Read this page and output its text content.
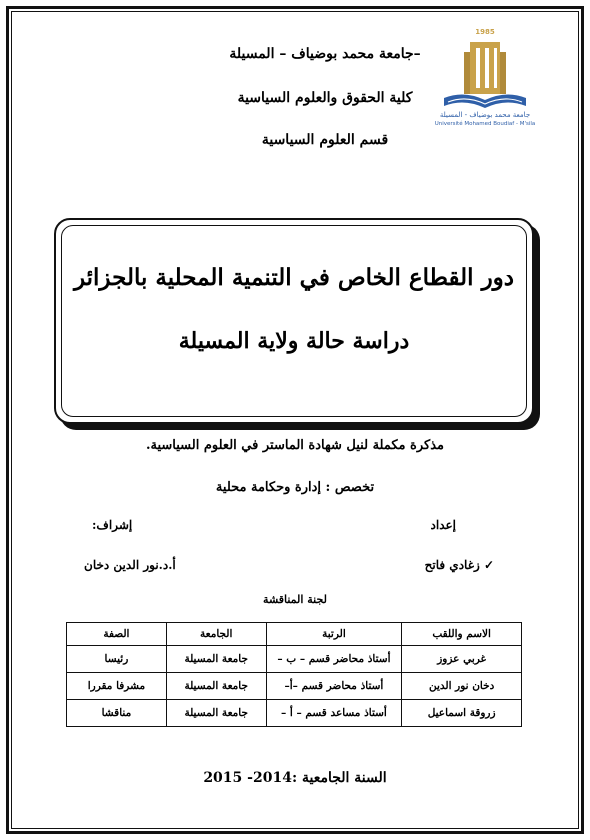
جامعة محمد بوضياف – المسيلة–
كلية الحقوق والعلوم السياسية
قسم العلوم السياسية
1985
جامعة محمد بوضياف - المسيلة
Université Mohamed Boudiaf - M'sila
دور القطاع الخاص في التنمية المحلية بالجزائر
دراسة حالة ولاية المسيلة
مذكرة مكملة لنيل شهادة الماستر في العلوم السياسية.
تخصص : إدارة وحكامة محلية
إعداد
إشراف:
✓ زغادي فاتح
أ.د.نور الدين دخان
لجنة المناقشة
الاسم واللقب	الرتبة	الجامعة	الصفة
غربي عزوز	أستاذ محاضر قسم – ب –	جامعة المسيلة	رئيسا
دخان نور الدين	أستاذ محاضر قسم –أ–	جامعة المسيلة	مشرفا مقررا
زروقة اسماعيل	أستاذ مساعد قسم – أ –	جامعة المسيلة	مناقشا
السنة الجامعية :2014- 2015
